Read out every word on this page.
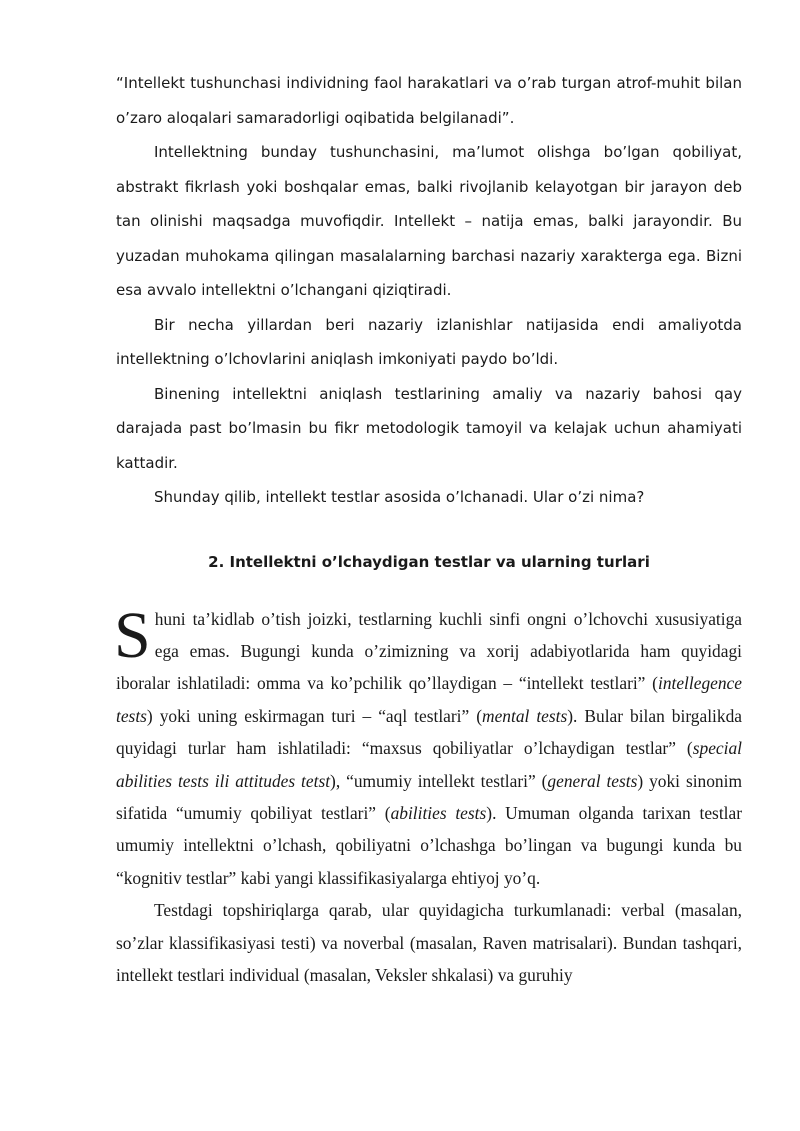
“Intellekt tushunchasi individning faol harakatlari va o’rab turgan atrof-muhit bilan o’zaro aloqalari samaradorligi oqibatida belgilanadi”.

Intellektning bunday tushunchasini, ma’lumot olishga bo’lgan qobiliyat, abstrakt fikrlash yoki boshqalar emas, balki rivojlanib kelayotgan bir jarayon deb tan olinishi maqsadga muvofiqdir. Intellekt – natija emas, balki jarayondir. Bu yuzadan muhokama qilingan masalalarning barchasi nazariy xarakterga ega. Bizni esa avvalo intellektni o’lchangani qiziqtiradi.

Bir necha yillardan beri nazariy izlanishlar natijasida endi amaliyotda intellektning o’lchovlarini aniqlash imkoniyati paydo bo’ldi.

Binening intellektni aniqlash testlarining amaliy va nazariy bahosi qay darajada past bo’lmasin bu fikr metodologik tamoyil va kelajak uchun ahamiyati kattadir.

Shunday qilib, intellekt testlar asosida o’lchanadi. Ular o’zi nima?

2. Intellektni o’lchaydigan testlar va ularning turlari

Shuni ta’kidlab o’tish joizki, testlarning kuchli sinfi ongni o’lchovchi xususiyatiga ega emas. Bugungi kunda o’zimizning va xorij adabiyotlarida ham quyidagi iboralar ishlatiladi: omma va ko’pchilik qo’llaydigan – “intellekt testlari” (intellegence tests) yoki uning eskirmagan turi – “aql testlari” (mental tests). Bular bilan birgalikda quyidagi turlar ham ishlatiladi: “maxsus qobiliyatlar o’lchaydigan testlar” (special abilities tests ili attitudes tetst), “umumiy intellekt testlari” (general tests) yoki sinonim sifatida “umumiy qobiliyat testlari” (abilities tests). Umuman olganda tarixan testlar umumiy intellektni o’lchash, qobiliyatni o’lchashga bo’lingan va bugungi kunda bu “kognitiv testlar” kabi yangi klassifikasiyalarga ehtiyoj yo’q.

Testdagi topshiriqlarga qarab, ular quyidagicha turkumlanadi: verbal (masalan, so’zlar klassifikasiyasi testi) va noverbal (masalan, Raven matrisalari). Bundan tashqari, intellekt testlari individual (masalan, Veksler shkalasi) va guruhiy
